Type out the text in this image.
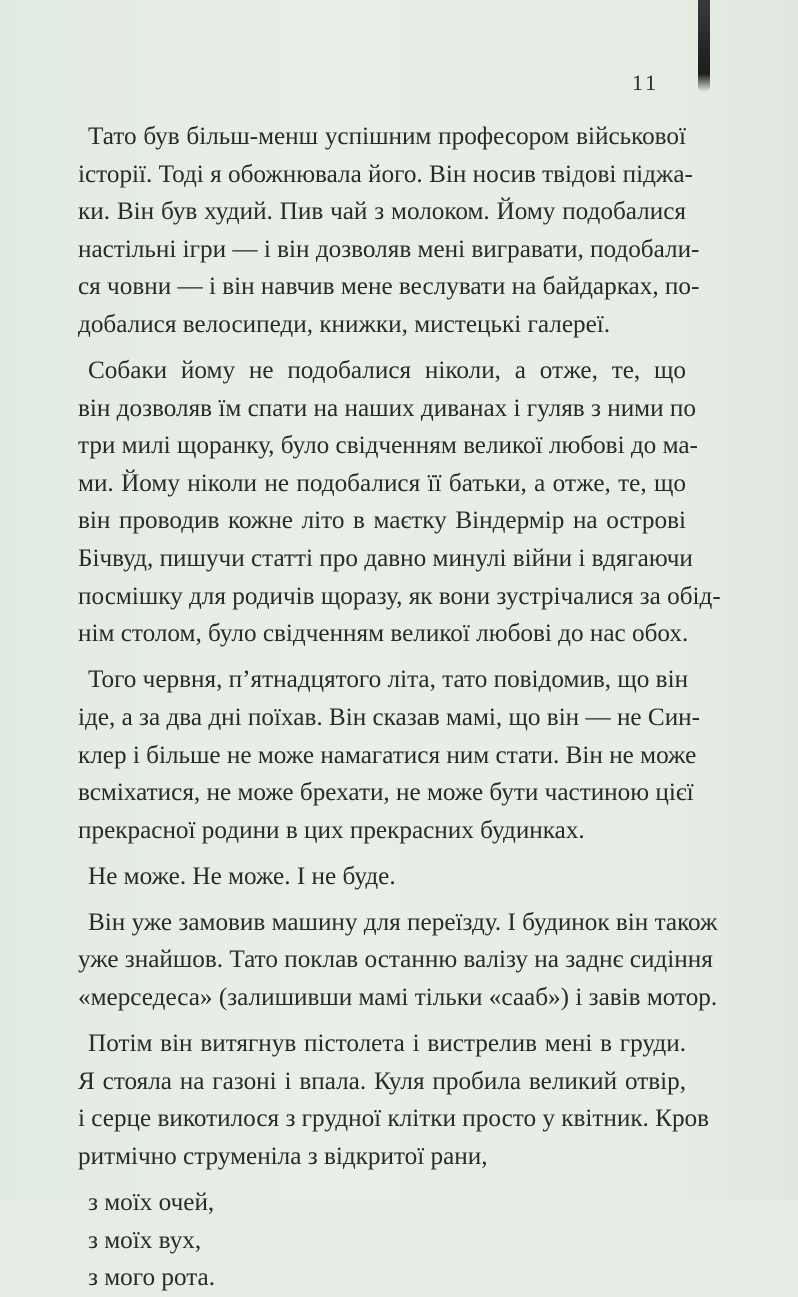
11

Тато був більш-менш успішним професором військової
історії. Тоді я обожнювала його. Він носив твідові піджа-
ки. Він був худий. Пив чай з молоком. Йому подобалися
настільні ігри — і він дозволяв мені вигравати, подобали-
ся човни — і він навчив мене веслувати на байдарках, по-
добалися велосипеди, книжки, мистецькі галереї.

Собаки йому не подобалися ніколи, а отже, те, що
він дозволяв їм спати на наших диванах і гуляв з ними по
три милі щоранку, було свідченням великої любові до ма-
ми. Йому ніколи не подобалися її батьки, а отже, те, що
він проводив кожне літо в маєтку Віндермір на острові
Бічвуд, пишучи статті про давно минулі війни і вдягаючи
посмішку для родичів щоразу, як вони зустрічалися за обід-
нім столом, було свідченням великої любові до нас обох.

Того червня, п’ятнадцятого літа, тато повідомив, що він
іде, а за два дні поїхав. Він сказав мамі, що він — не Син-
клер і більше не може намагатися ним стати. Він не може
всміхатися, не може брехати, не може бути частиною цієї
прекрасної родини в цих прекрасних будинках.

Не може. Не може. І не буде.

Він уже замовив машину для переїзду. І будинок він також
уже знайшов. Тато поклав останню валізу на заднє сидіння
«мерседеса» (залишивши мамі тільки «сааб») і завів мотор.

Потім він витягнув пістолета і вистрелив мені в груди.
Я стояла на газоні і впала. Куля пробила великий отвір,
і серце викотилося з грудної клітки просто у квітник. Кров
ритмічно струменіла з відкритої рани,

з моїх очей,
з моїх вух,
з мого рота.
